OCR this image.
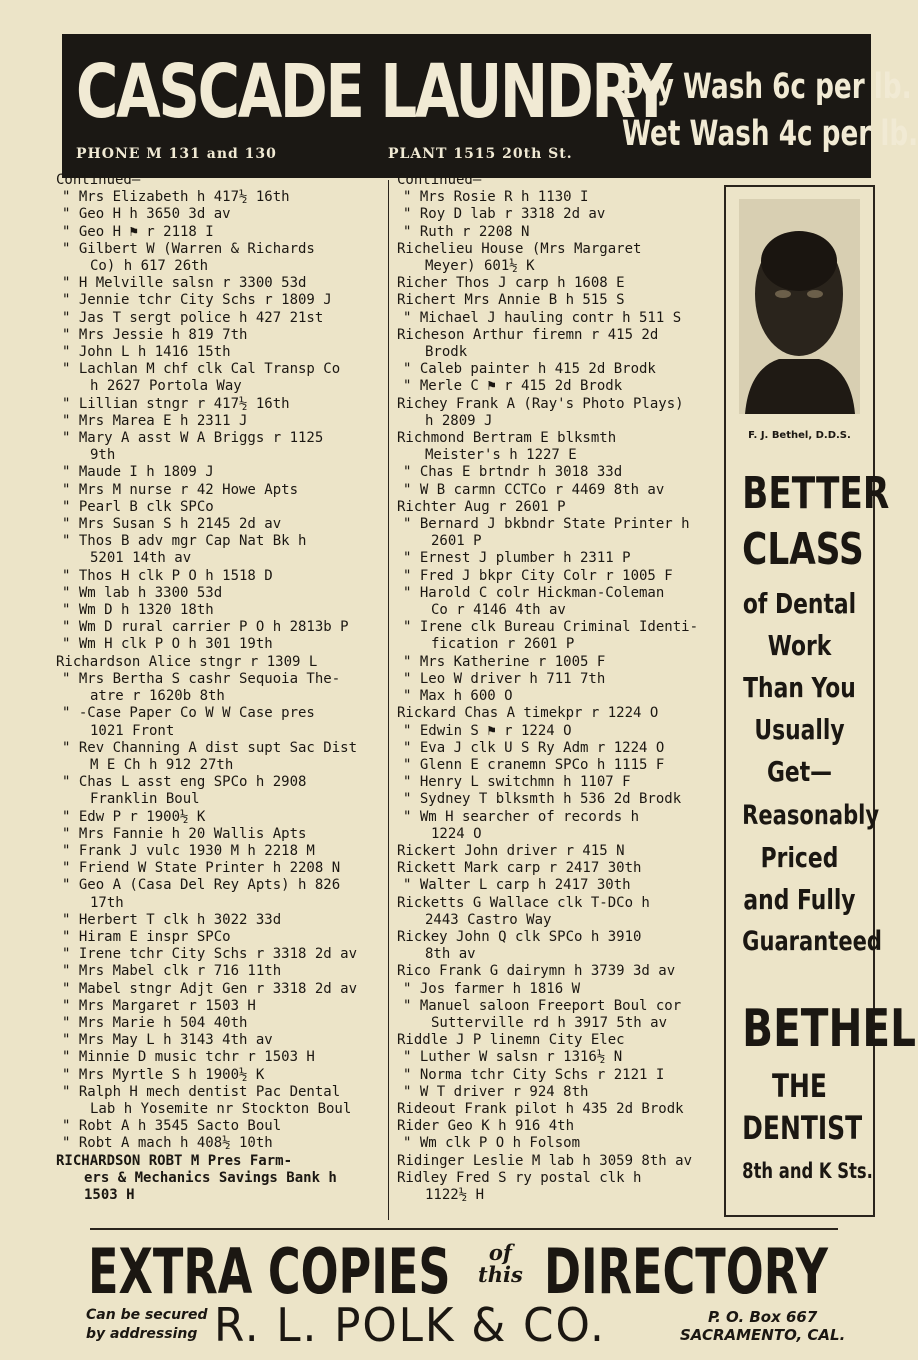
CASCADE LAUNDRY
Dry Wash 6c per lb.
Wet Wash 4c per lb.
PHONE M 131 and 130	PLANT 1515 20th St.
Continued—
" Mrs Elizabeth h 417½ 16th
" Geo H h 3650 3d av
" Geo H ⚑ r 2118 I
" Gilbert W (Warren & Richards
Co) h 617 26th
" H Melville salsn r 3300 53d
" Jennie tchr City Schs r 1809 J
" Jas T sergt police h 427 21st
" Mrs Jessie h 819 7th
" John L h 1416 15th
" Lachlan M chf clk Cal Transp Co
h 2627 Portola Way
" Lillian stngr r 417½ 16th
" Mrs Marea E h 2311 J
" Mary A asst W A Briggs r 1125
9th
" Maude I h 1809 J
" Mrs M nurse r 42 Howe Apts
" Pearl B clk SPCo
" Mrs Susan S h 2145 2d av
" Thos B adv mgr Cap Nat Bk h
5201 14th av
" Thos H clk P O h 1518 D
" Wm lab h 3300 53d
" Wm D h 1320 18th
" Wm D rural carrier P O h 2813b P
" Wm H clk P O h 301 19th
Richardson Alice stngr r 1309 L
" Mrs Bertha S cashr Sequoia The-
atre r 1620b 8th
" -Case Paper Co W W Case pres
1021 Front
" Rev Channing A dist supt Sac Dist
M E Ch h 912 27th
" Chas L asst eng SPCo h 2908
Franklin Boul
" Edw P r 1900½ K
" Mrs Fannie h 20 Wallis Apts
" Frank J vulc 1930 M h 2218 M
" Friend W State Printer h 2208 N
" Geo A (Casa Del Rey Apts) h 826
17th
" Herbert T clk h 3022 33d
" Hiram E inspr SPCo
" Irene tchr City Schs r 3318 2d av
" Mrs Mabel clk r 716 11th
" Mabel stngr Adjt Gen r 3318 2d av
" Mrs Margaret r 1503 H
" Mrs Marie h 504 40th
" Mrs May L h 3143 4th av
" Minnie D music tchr r 1503 H
" Mrs Myrtle S h 1900½ K
" Ralph H mech dentist Pac Dental
Lab h Yosemite nr Stockton Boul
" Robt A h 3545 Sacto Boul
" Robt A mach h 408½ 10th
RICHARDSON ROBT M Pres Farm-
ers & Mechanics Savings Bank h
1503 H
Continued—
" Mrs Rosie R h 1130 I
" Roy D lab r 3318 2d av
" Ruth r 2208 N
Richelieu House (Mrs Margaret
Meyer) 601½ K
Richer Thos J carp h 1608 E
Richert Mrs Annie B h 515 S
" Michael J hauling contr h 511 S
Richeson Arthur firemn r 415 2d
Brodk
" Caleb painter h 415 2d Brodk
" Merle C ⚑ r 415 2d Brodk
Richey Frank A (Ray's Photo Plays)
h 2809 J
Richmond Bertram E blksmth
Meister's h 1227 E
" Chas E brtndr h 3018 33d
" W B carmn CCTCo r 4469 8th av
Richter Aug r 2601 P
" Bernard J bkbndr State Printer h
2601 P
" Ernest J plumber h 2311 P
" Fred J bkpr City Colr r 1005 F
" Harold C colr Hickman-Coleman
Co r 4146 4th av
" Irene clk Bureau Criminal Identi-
fication r 2601 P
" Mrs Katherine r 1005 F
" Leo W driver h 711 7th
" Max h 600 O
Rickard Chas A timekpr r 1224 O
" Edwin S ⚑ r 1224 O
" Eva J clk U S Ry Adm r 1224 O
" Glenn E cranemn SPCo h 1115 F
" Henry L switchmn h 1107 F
" Sydney T blksmth h 536 2d Brodk
" Wm H searcher of records h
1224 O
Rickert John driver r 415 N
Rickett Mark carp r 2417 30th
" Walter L carp h 2417 30th
Ricketts G Wallace clk T-DCo h
2443 Castro Way
Rickey John Q clk SPCo h 3910
8th av
Rico Frank G dairymn h 3739 3d av
" Jos farmer h 1816 W
" Manuel saloon Freeport Boul cor
Sutterville rd h 3917 5th av
Riddle J P linemn City Elec
" Luther W salsn r 1316½ N
" Norma tchr City Schs r 2121 I
" W T driver r 924 8th
Rideout Frank pilot h 435 2d Brodk
Rider Geo K h 916 4th
" Wm clk P O h Folsom
Ridinger Leslie M lab h 3059 8th av
Ridley Fred S ry postal clk h
1122½ H
F. J. Bethel, D.D.S.
BETTER
CLASS
of Dental
Work
Than You
Usually
Get—
Reasonably
Priced
and Fully
Guaranteed
BETHEL
THE
DENTIST
8th and K Sts.
EXTRA COPIES	of
this DIRECTORY
Can be secured
by addressing R. L. POLK & CO.	P. O. Box 667
SACRAMENTO, CAL.
